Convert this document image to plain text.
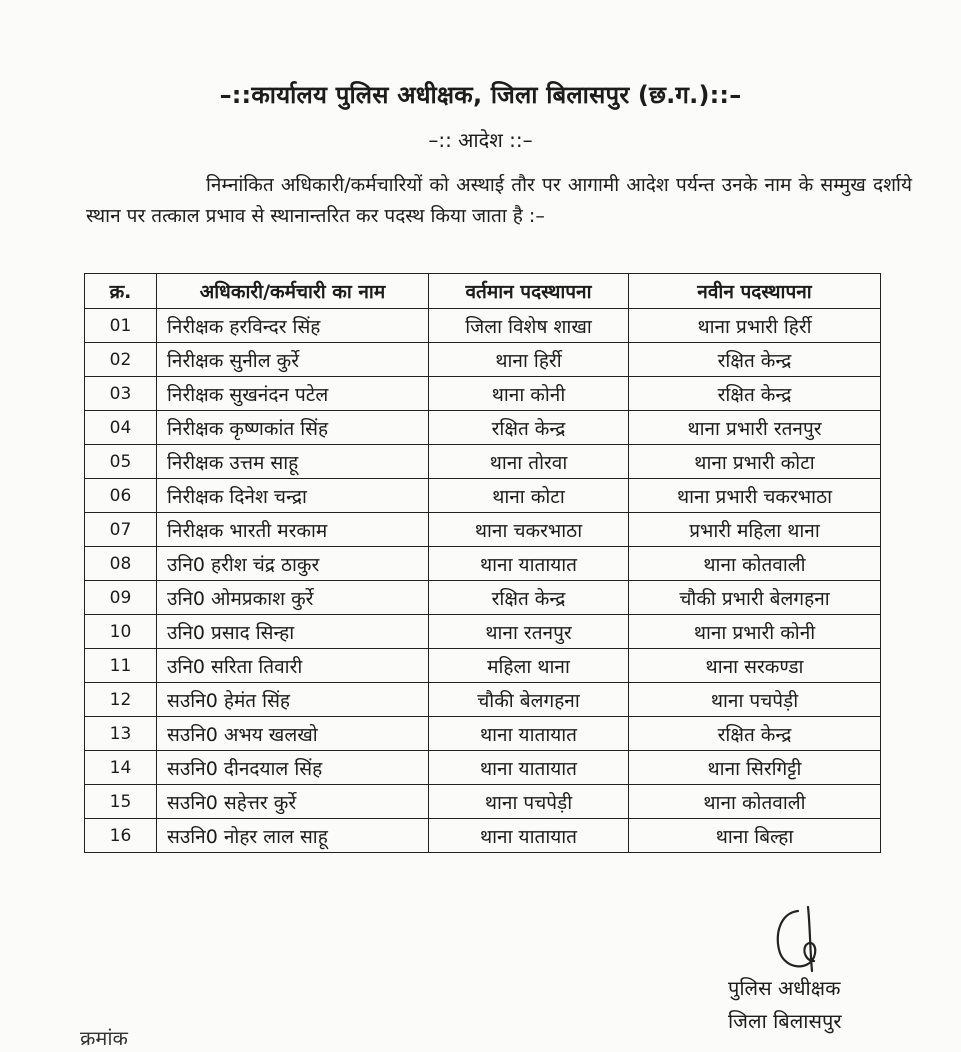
–::कार्यालय पुलिस अधीक्षक, जिला बिलासपुर (छ.ग.)::–
–:: आदेश ::–
निम्नांकित अधिकारी/कर्मचारियों को अस्थाई तौर पर आगामी आदेश पर्यन्त उनके नाम के सम्मुख दर्शाये स्थान पर तत्काल प्रभाव से स्थानान्तरित कर पदस्थ किया जाता है :–
क्र.	अधिकारी/कर्मचारी का नाम	वर्तमान पदस्थापना	नवीन पदस्थापना
01	निरीक्षक हरविन्दर सिंह	जिला विशेष शाखा	थाना प्रभारी हिर्री
02	निरीक्षक सुनील कुर्रे	थाना हिर्री	रक्षित केन्द्र
03	निरीक्षक सुखनंदन पटेल	थाना कोनी	रक्षित केन्द्र
04	निरीक्षक कृष्णकांत सिंह	रक्षित केन्द्र	थाना प्रभारी रतनपुर
05	निरीक्षक उत्तम साहू	थाना तोरवा	थाना प्रभारी कोटा
06	निरीक्षक दिनेश चन्द्रा	थाना कोटा	थाना प्रभारी चकरभाठा
07	निरीक्षक भारती मरकाम	थाना चकरभाठा	प्रभारी महिला थाना
08	उनि0 हरीश चंद्र ठाकुर	थाना यातायात	थाना कोतवाली
09	उनि0 ओमप्रकाश कुर्रे	रक्षित केन्द्र	चौकी प्रभारी बेलगहना
10	उनि0 प्रसाद सिन्हा	थाना रतनपुर	थाना प्रभारी कोनी
11	उनि0 सरिता तिवारी	महिला थाना	थाना सरकण्डा
12	सउनि0 हेमंत सिंह	चौकी बेलगहना	थाना पचपेड़ी
13	सउनि0 अभय खलखो	थाना यातायात	रक्षित केन्द्र
14	सउनि0 दीनदयाल सिंह	थाना यातायात	थाना सिरगिट्टी
15	सउनि0 सहेत्तर कुर्रे	थाना पचपेड़ी	थाना कोतवाली
16	सउनि0 नोहर लाल साहू	थाना यातायात	थाना बिल्हा
पुलिस अधीक्षक
जिला बिलासपुर
क्रमांक
